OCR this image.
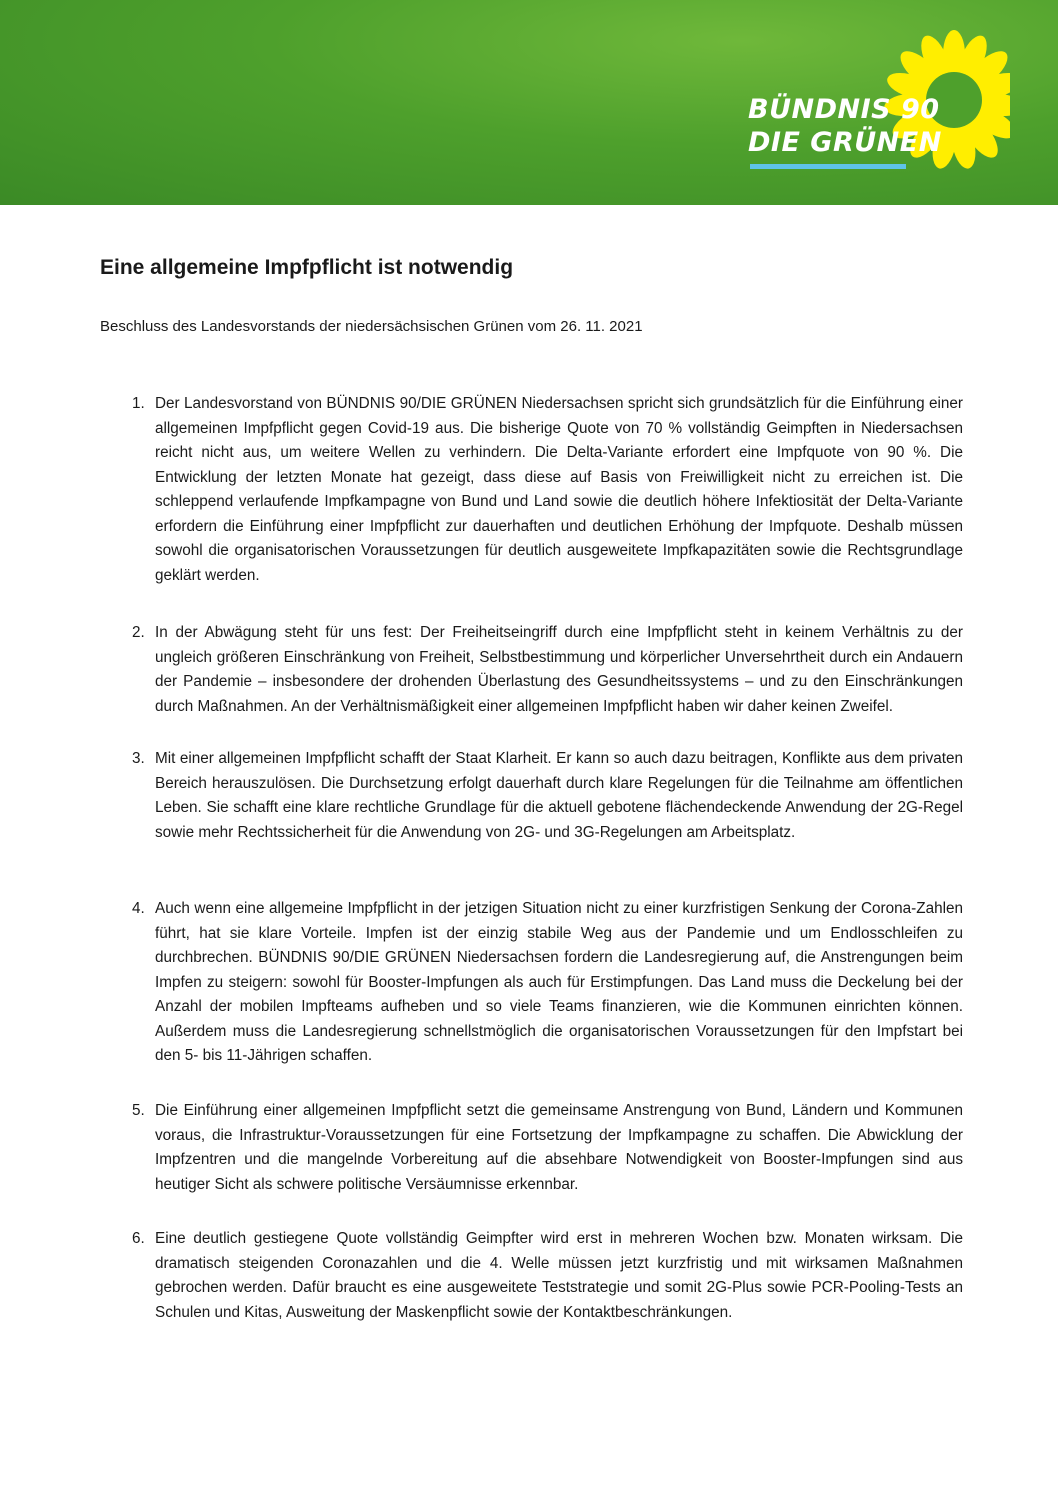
BÜNDNIS 90
DIE GRÜNEN
Eine allgemeine Impfpflicht ist notwendig
Beschluss des Landesvorstands der niedersächsischen Grünen vom 26. 11. 2021
1. Der Landesvorstand von BÜNDNIS 90/DIE GRÜNEN Niedersachsen spricht sich grundsätzlich für die Einführung einer allgemeinen Impfpflicht gegen Covid-19 aus. Die bisherige Quote von 70 % vollständig Geimpften in Niedersachsen reicht nicht aus, um weitere Wellen zu verhindern. Die Delta-Variante erfordert eine Impfquote von 90 %. Die Entwicklung der letzten Monate hat gezeigt, dass diese auf Basis von Freiwilligkeit nicht zu erreichen ist. Die schleppend verlaufende Impfkampagne von Bund und Land sowie die deutlich höhere Infektiosität der Delta-Variante erfordern die Einführung einer Impfpflicht zur dauerhaften und deutlichen Erhöhung der Impfquote. Deshalb müssen sowohl die organisatorischen Voraussetzungen für deutlich ausgeweitete Impfkapazitäten sowie die Rechtsgrundlage geklärt werden.
2. In der Abwägung steht für uns fest: Der Freiheitseingriff durch eine Impfpflicht steht in keinem Verhältnis zu der ungleich größeren Einschränkung von Freiheit, Selbstbestimmung und körperlicher Unversehrtheit durch ein Andauern der Pandemie – insbesondere der drohenden Überlastung des Gesundheitssystems – und zu den Einschränkungen durch Maßnahmen. An der Verhältnismäßigkeit einer allgemeinen Impfpflicht haben wir daher keinen Zweifel.
3. Mit einer allgemeinen Impfpflicht schafft der Staat Klarheit. Er kann so auch dazu beitragen, Konflikte aus dem privaten Bereich herauszulösen. Die Durchsetzung erfolgt dauerhaft durch klare Regelungen für die Teilnahme am öffentlichen Leben. Sie schafft eine klare rechtliche Grundlage für die aktuell gebotene flächendeckende Anwendung der 2G-Regel sowie mehr Rechtssicherheit für die Anwendung von 2G- und 3G-Regelungen am Arbeitsplatz.
4. Auch wenn eine allgemeine Impfpflicht in der jetzigen Situation nicht zu einer kurzfristigen Senkung der Corona-Zahlen führt, hat sie klare Vorteile. Impfen ist der einzig stabile Weg aus der Pandemie und um Endlosschleifen zu durchbrechen. BÜNDNIS 90/DIE GRÜNEN Niedersachsen fordern die Landesregierung auf, die Anstrengungen beim Impfen zu steigern: sowohl für Booster-Impfungen als auch für Erstimpfungen. Das Land muss die Deckelung bei der Anzahl der mobilen Impfteams aufheben und so viele Teams finanzieren, wie die Kommunen einrichten können. Außerdem muss die Landesregierung schnellstmöglich die organisatorischen Voraussetzungen für den Impfstart bei den 5- bis 11-Jährigen schaffen.
5. Die Einführung einer allgemeinen Impfpflicht setzt die gemeinsame Anstrengung von Bund, Ländern und Kommunen voraus, die Infrastruktur-Voraussetzungen für eine Fortsetzung der Impfkampagne zu schaffen. Die Abwicklung der Impfzentren und die mangelnde Vorbereitung auf die absehbare Notwendigkeit von Booster-Impfungen sind aus heutiger Sicht als schwere politische Versäumnisse erkennbar.
6. Eine deutlich gestiegene Quote vollständig Geimpfter wird erst in mehreren Wochen bzw. Monaten wirksam. Die dramatisch steigenden Coronazahlen und die 4. Welle müssen jetzt kurzfristig und mit wirksamen Maßnahmen gebrochen werden. Dafür braucht es eine ausgeweitete Teststrategie und somit 2G-Plus sowie PCR-Pooling-Tests an Schulen und Kitas, Ausweitung der Maskenpflicht sowie der Kontaktbeschränkungen.
